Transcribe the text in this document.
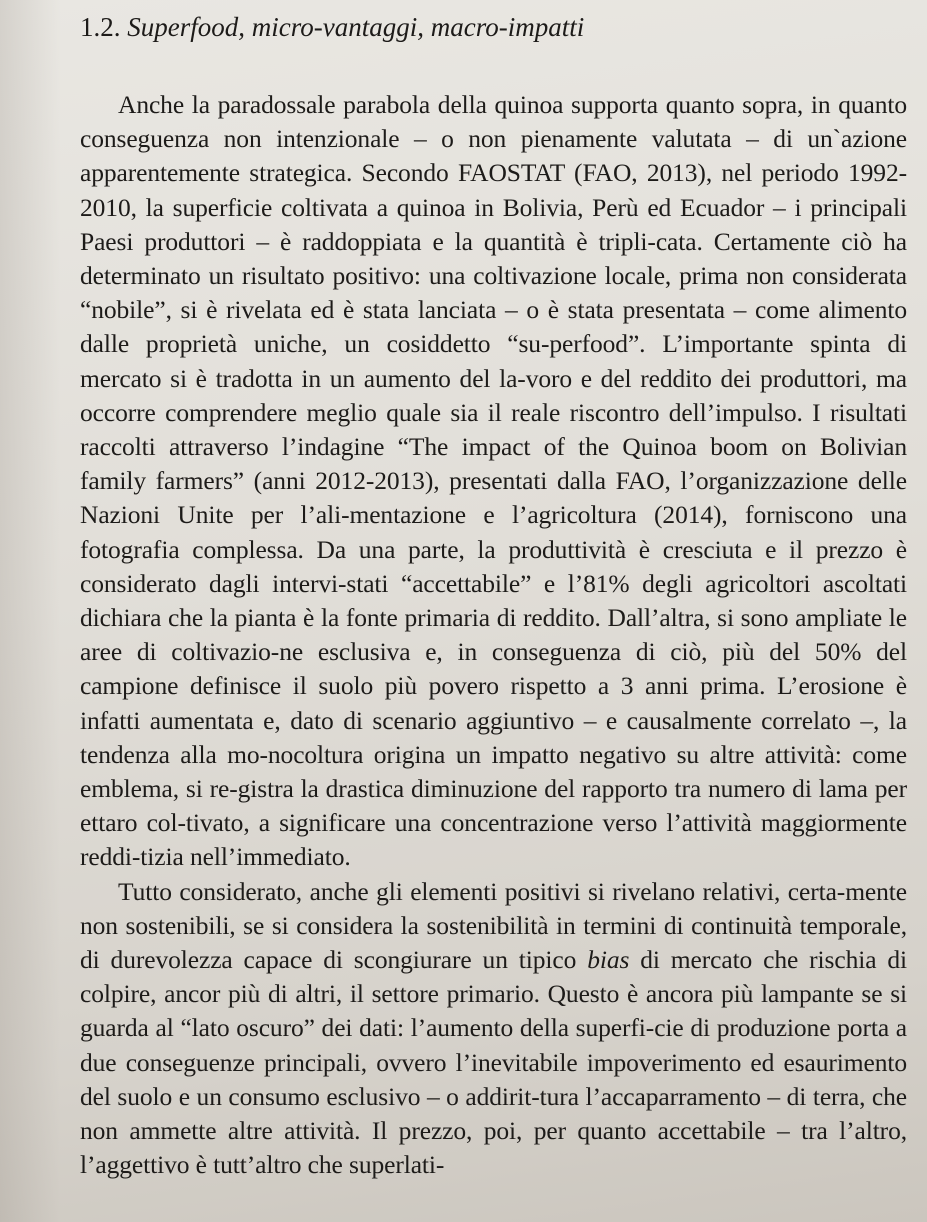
1.2. Superfood, micro-vantaggi, macro-impatti

Anche la paradossale parabola della quinoa supporta quanto sopra, in quanto conseguenza non intenzionale – o non pienamente valutata – di un`azione apparentemente strategica. Secondo FAOSTAT (FAO, 2013), nel periodo 1992-2010, la superficie coltivata a quinoa in Bolivia, Perù ed Ecuador – i principali Paesi produttori – è raddoppiata e la quantità è tripli-cata. Certamente ciò ha determinato un risultato positivo: una coltivazione locale, prima non considerata “nobile”, si è rivelata ed è stata lanciata – o è stata presentata – come alimento dalle proprietà uniche, un cosiddetto “su-perfood”. L’importante spinta di mercato si è tradotta in un aumento del la-voro e del reddito dei produttori, ma occorre comprendere meglio quale sia il reale riscontro dell’impulso. I risultati raccolti attraverso l’indagine “The impact of the Quinoa boom on Bolivian family farmers” (anni 2012-2013), presentati dalla FAO, l’organizzazione delle Nazioni Unite per l’ali-mentazione e l’agricoltura (2014), forniscono una fotografia complessa. Da una parte, la produttività è cresciuta e il prezzo è considerato dagli intervi-stati “accettabile” e l’81% degli agricoltori ascoltati dichiara che la pianta è la fonte primaria di reddito. Dall’altra, si sono ampliate le aree di coltivazio-ne esclusiva e, in conseguenza di ciò, più del 50% del campione definisce il suolo più povero rispetto a 3 anni prima. L’erosione è infatti aumentata e, dato di scenario aggiuntivo – e causalmente correlato –, la tendenza alla mo-nocoltura origina un impatto negativo su altre attività: come emblema, si re-gistra la drastica diminuzione del rapporto tra numero di lama per ettaro col-tivato, a significare una concentrazione verso l’attività maggiormente reddi-tizia nell’immediato.

Tutto considerato, anche gli elementi positivi si rivelano relativi, certa-mente non sostenibili, se si considera la sostenibilità in termini di continuità temporale, di durevolezza capace di scongiurare un tipico bias di mercato che rischia di colpire, ancor più di altri, il settore primario. Questo è ancora più lampante se si guarda al “lato oscuro” dei dati: l’aumento della superfi-cie di produzione porta a due conseguenze principali, ovvero l’inevitabile impoverimento ed esaurimento del suolo e un consumo esclusivo – o addirit-tura l’accaparramento – di terra, che non ammette altre attività. Il prezzo, poi, per quanto accettabile – tra l’altro, l’aggettivo è tutt’altro che superlati-
